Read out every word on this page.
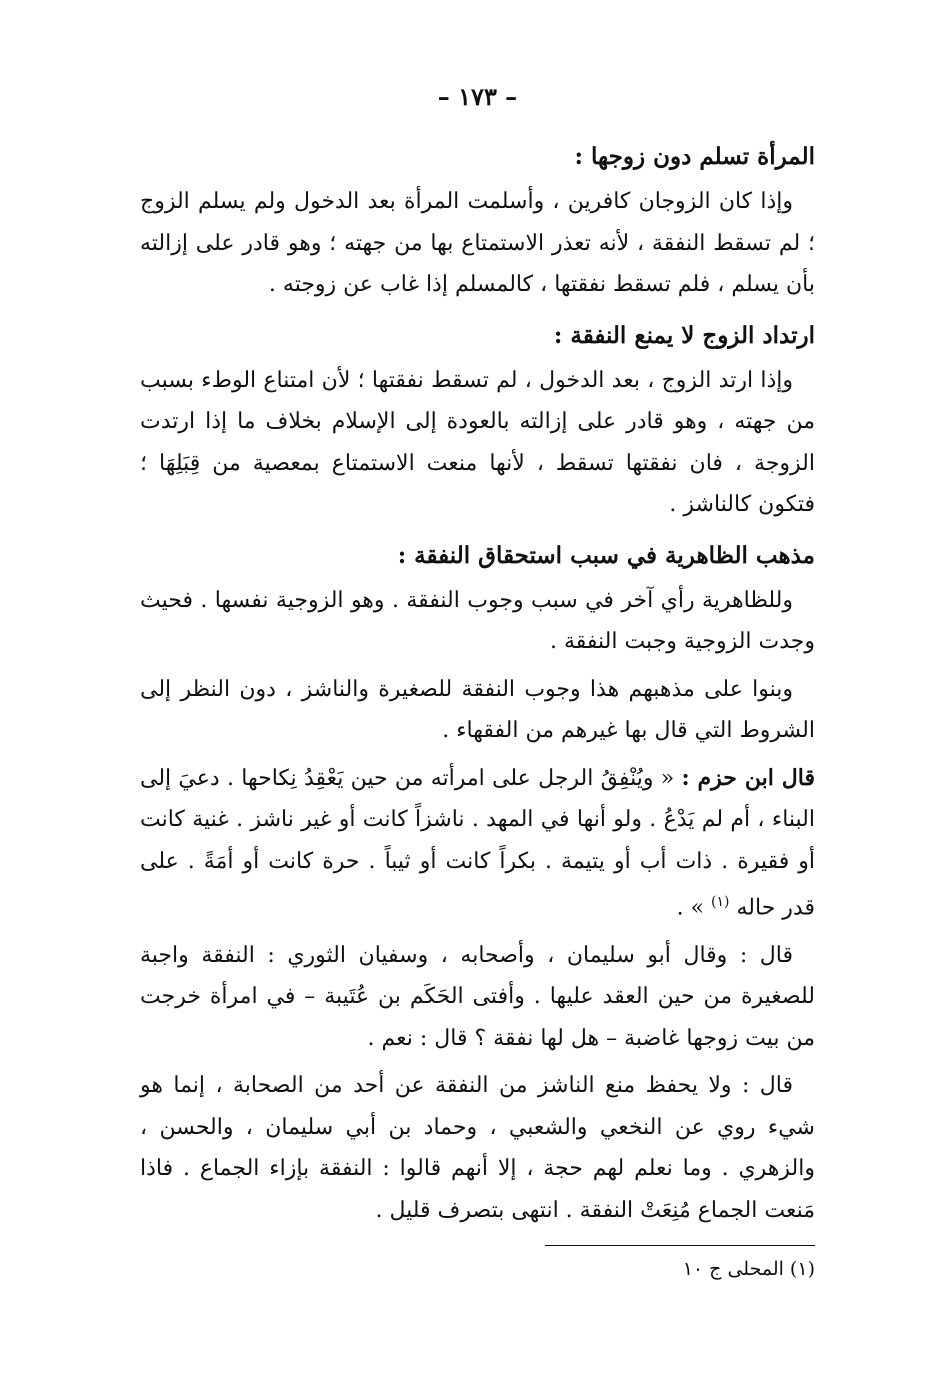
– ١٧٣ –
المرأة تسلم دون زوجها :

وإذا كان الزوجان كافرين ، وأسلمت المرأة بعد الدخول ولم يسلم الزوج ؛ لم تسقط النفقة ، لأنه تعذر الاستمتاع بها من جهته ؛ وهو قادر على إزالته بأن يسلم ، فلم تسقط نفقتها ، كالمسلم إذا غاب عن زوجته .

ارتداد الزوج لا يمنع النفقة :

وإذا ارتد الزوج ، بعد الدخول ، لم تسقط نفقتها ؛ لأن امتناع الوطء بسبب من جهته ، وهو قادر على إزالته بالعودة إلى الإسلام بخلاف ما إذا ارتدت الزوجة ، فان نفقتها تسقط ، لأنها منعت الاستمتاع بمعصية من قِبَلِهَا ؛ فتكون كالناشز .

مذهب الظاهرية في سبب استحقاق النفقة :

وللظاهرية رأي آخر في سبب وجوب النفقة . وهو الزوجية نفسها . فحيث وجدت الزوجية وجبت النفقة .

وبنوا على مذهبهم هذا وجوب النفقة للصغيرة والناشز ، دون النظر إلى الشروط التي قال بها غيرهم من الفقهاء .

قال ابن حزم : « ويُنْفِقُ الرجل على امرأته من حين يَعْقِدُ نِكاحها . دعيَ إلى البناء ، أم لم يَدْعُ . ولو أنها في المهد . ناشزاً كانت أو غير ناشز . غنية كانت أو فقيرة . ذات أب أو يتيمة . بكراً كانت أو ثيباً . حرة كانت أو أمَةً . على قدر حاله $^{(١)}$ » .

قال : وقال أبو سليمان ، وأصحابه ، وسفيان الثوري : النفقة واجبة للصغيرة من حين العقد عليها . وأفتى الحَكَم بن عُتَيبة – في امرأة خرجت من بيت زوجها غاضبة – هل لها نفقة ؟ قال : نعم .

قال : ولا يحفظ منع الناشز من النفقة عن أحد من الصحابة ، إنما هو شيء روي عن النخعي والشعبي ، وحماد بن أبي سليمان ، والحسن ، والزهري . وما نعلم لهم حجة ، إلا أنهم قالوا : النفقة بإزاء الجماع . فاذا مَنعت الجماع مُنِعَتْ النفقة . انتهى بتصرف قليل .

(١) المحلى ج ١٠
